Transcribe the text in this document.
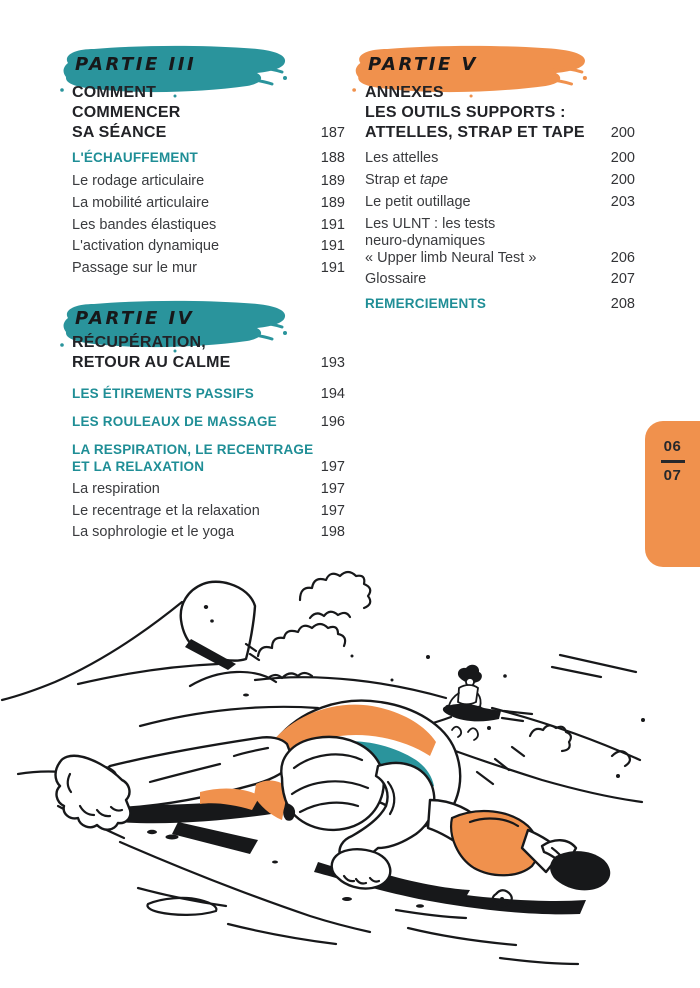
PARTIE III
COMMENT
COMMENCER
SA SÉANCE	187
L'ÉCHAUFFEMENT	188
Le rodage articulaire	189
La mobilité articulaire	189
Les bandes élastiques	191
L'activation dynamique	191
Passage sur le mur	191
PARTIE IV
RÉCUPÉRATION,
RETOUR AU CALME	193
LES ÉTIREMENTS PASSIFS	194
LES ROULEAUX DE MASSAGE	196
LA RESPIRATION, LE RECENTRAGE
ET LA RELAXATION	197
La respiration	197
Le recentrage et la relaxation	197
La sophrologie et le yoga	198
PARTIE V
ANNEXES
LES OUTILS SUPPORTS :
ATTELLES, STRAP ET TAPE 200
Les attelles	200
Strap et tape	200
Le petit outillage	203
Les ULNT : les tests
neuro-dynamiques
« Upper limb Neural Test »	206
Glossaire	207
REMERCIEMENTS	208
06
07
